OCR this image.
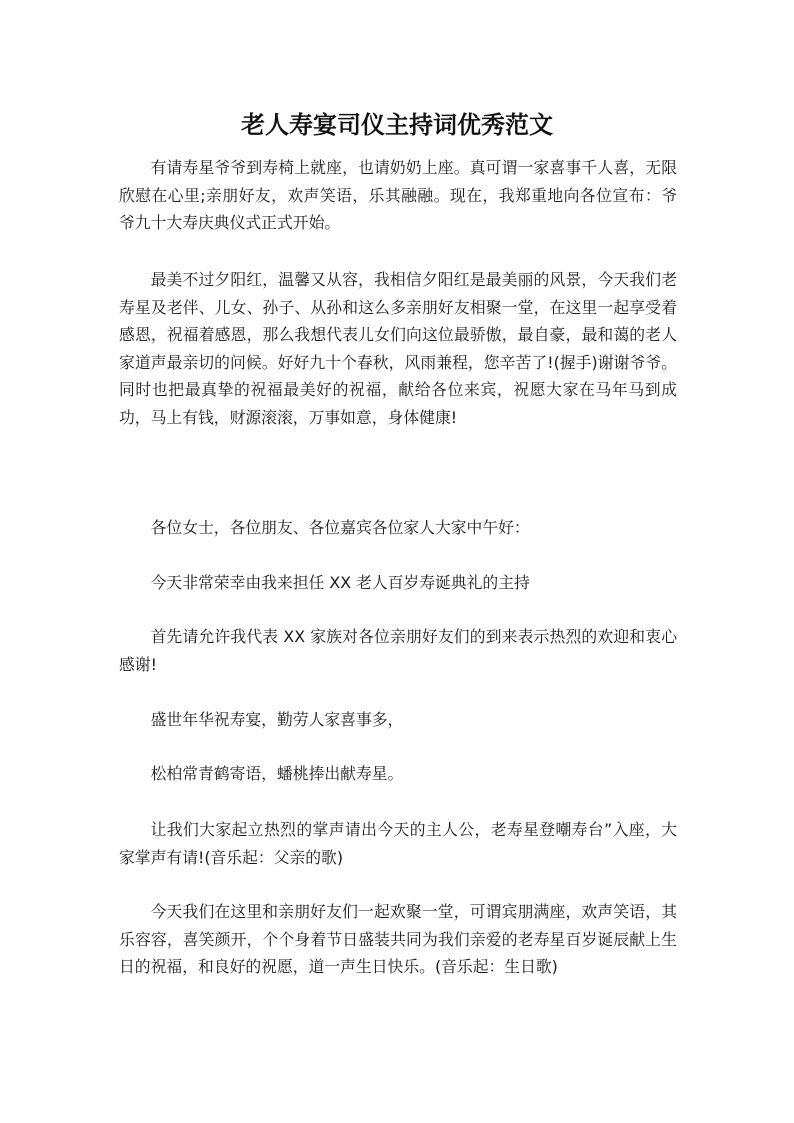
老人寿宴司仪主持词优秀范文

有请寿星爷爷到寿椅上就座，也请奶奶上座。真可谓一家喜事千人喜，无限欣慰在心里;亲朋好友，欢声笑语，乐其融融。现在，我郑重地向各位宣布：爷爷九十大寿庆典仪式正式开始。

最美不过夕阳红，温馨又从容，我相信夕阳红是最美丽的风景，今天我们老寿星及老伴、儿女、孙子、从孙和这么多亲朋好友相聚一堂，在这里一起享受着感恩，祝福着感恩，那么我想代表儿女们向这位最骄傲，最自豪，最和蔼的老人家道声最亲切的问候。好好九十个春秋，风雨兼程，您辛苦了!(握手)谢谢爷爷。同时也把最真挚的祝福最美好的祝福，献给各位来宾，祝愿大家在马年马到成功，马上有钱，财源滚滚，万事如意，身体健康!

各位女士，各位朋友、各位嘉宾各位家人大家中午好：

今天非常荣幸由我来担任 XX 老人百岁寿诞典礼的主持

首先请允许我代表 XX 家族对各位亲朋好友们的到来表示热烈的欢迎和衷心感谢!

盛世年华祝寿宴，勤劳人家喜事多，

松柏常青鹤寄语，蟠桃捧出献寿星。

让我们大家起立热烈的掌声请出今天的主人公，老寿星登嘲寿台”入座，大家掌声有请!(音乐起：父亲的歌)

今天我们在这里和亲朋好友们一起欢聚一堂，可谓宾朋满座，欢声笑语，其乐容容，喜笑颜开，个个身着节日盛装共同为我们亲爱的老寿星百岁诞辰献上生日的祝福，和良好的祝愿，道一声生日快乐。(音乐起：生日歌)
